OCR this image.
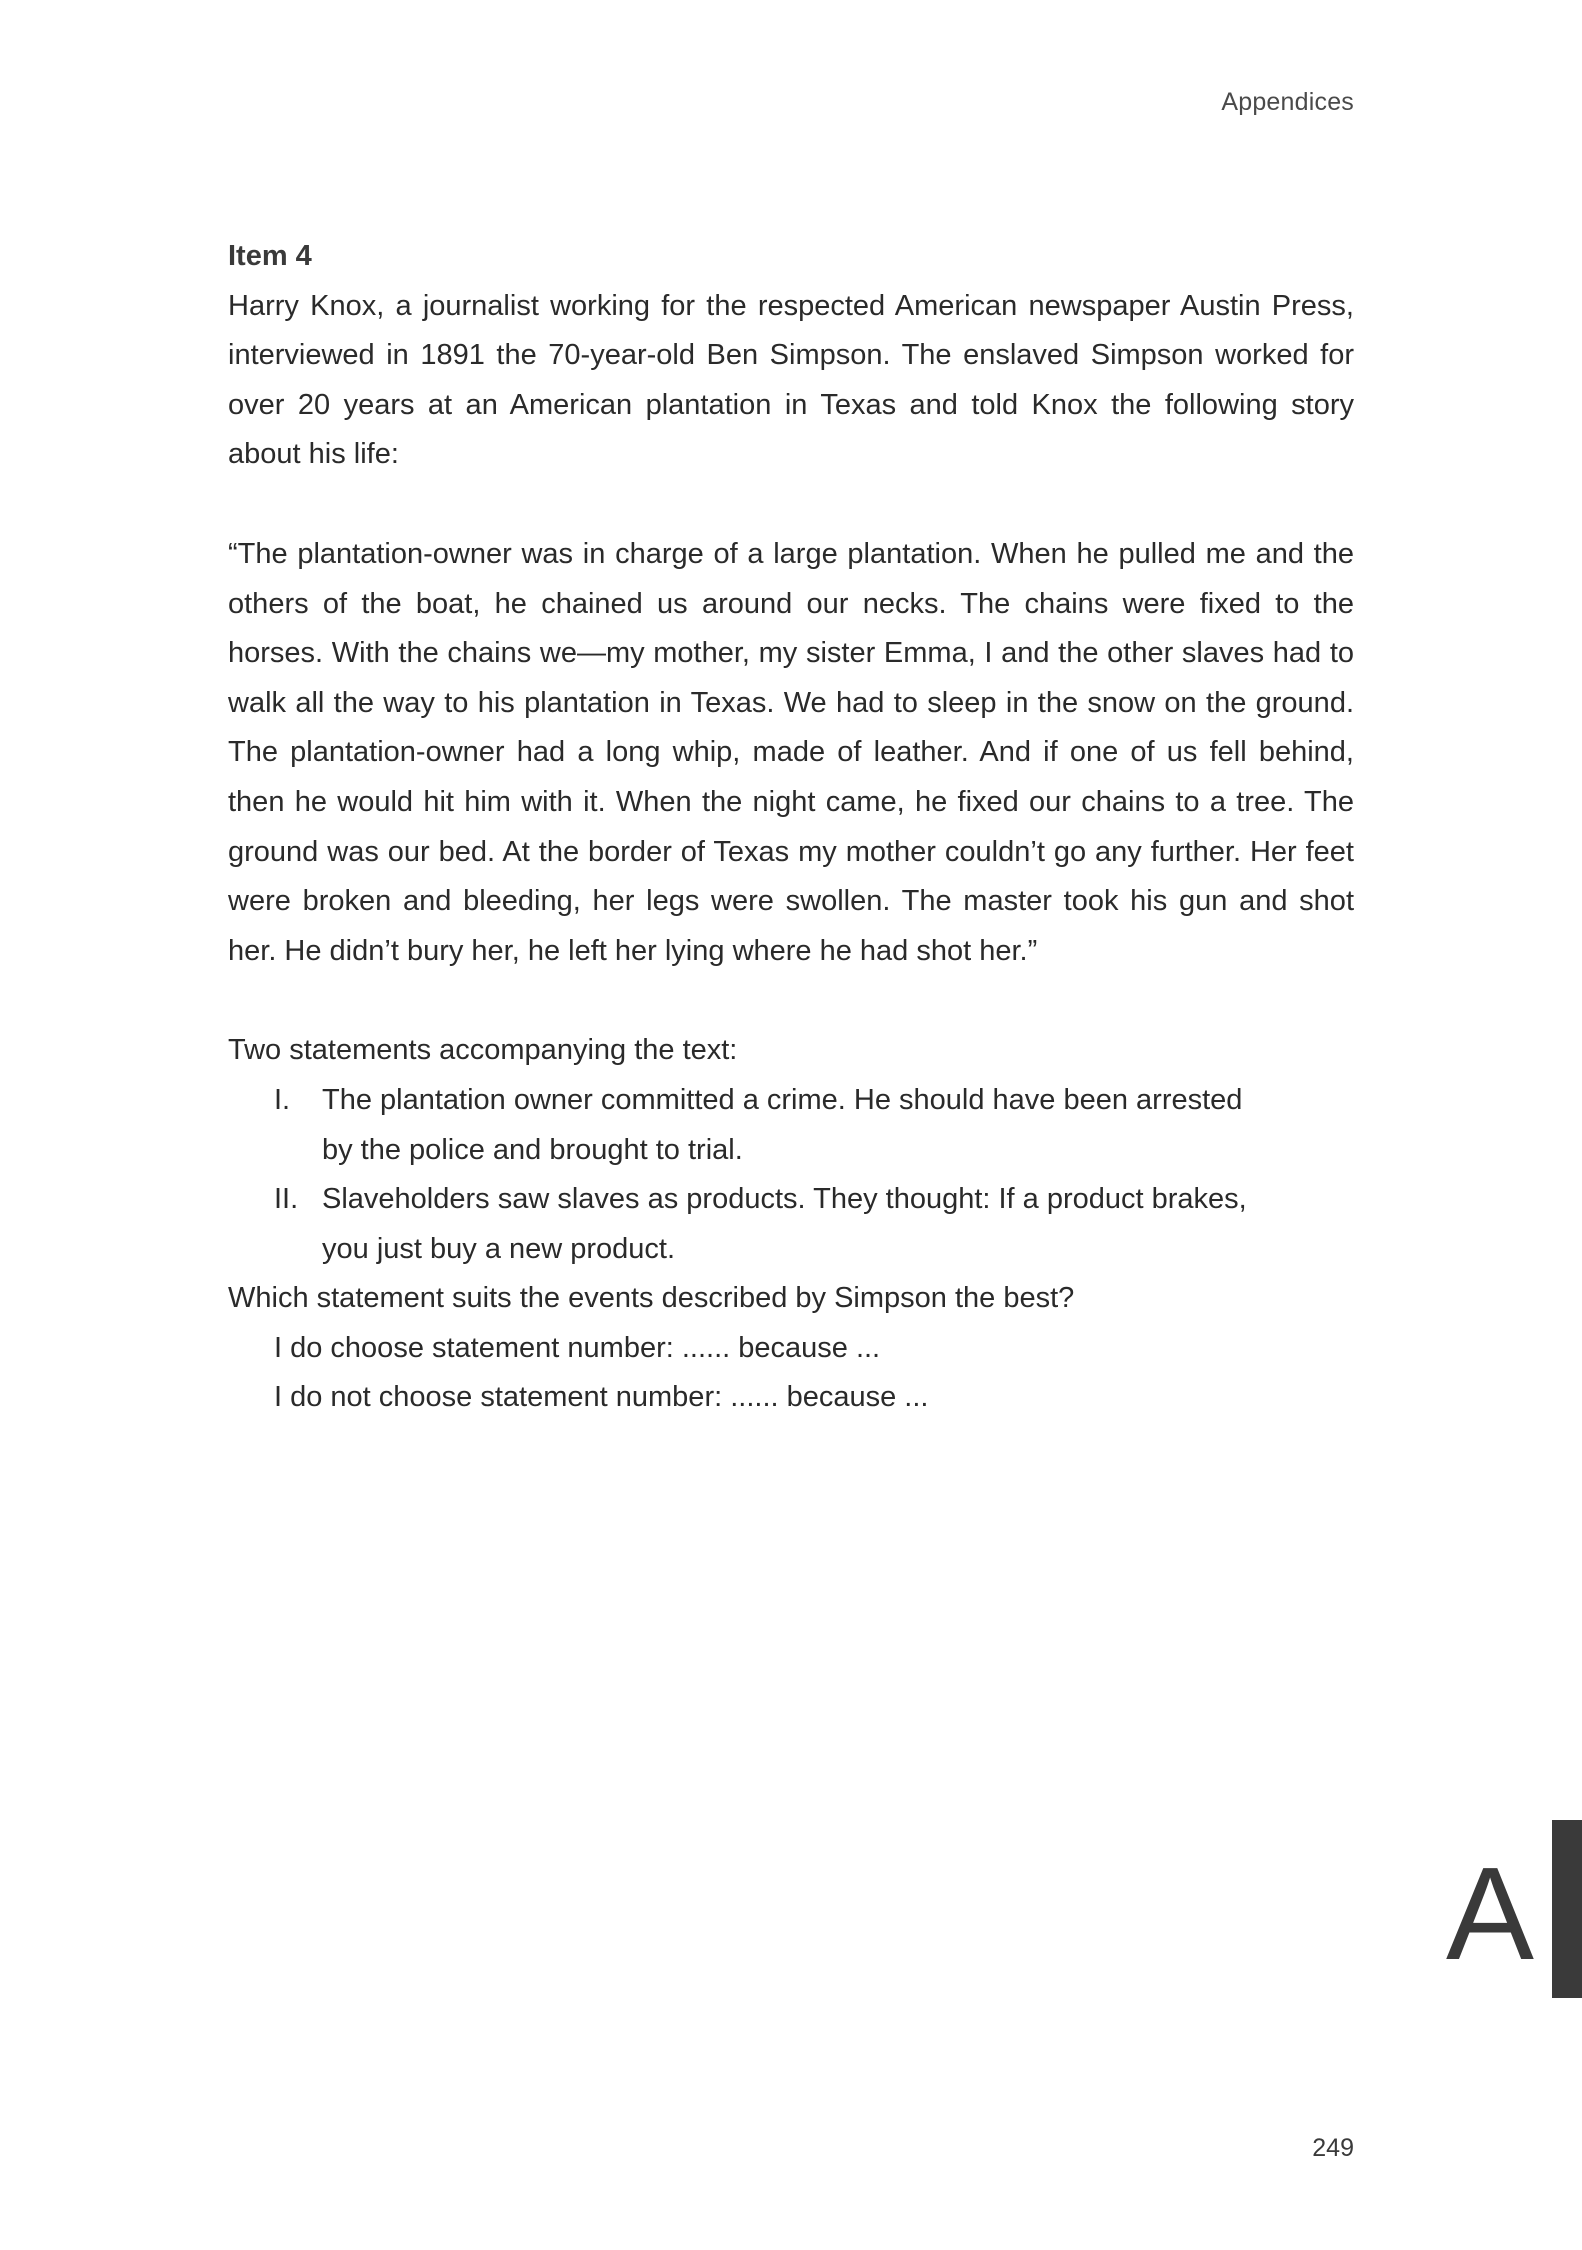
Appendices

Item 4

Harry Knox, a journalist working for the respected American newspaper Austin Press, interviewed in 1891 the 70-year-old Ben Simpson. The enslaved Simpson worked for over 20 years at an American plantation in Texas and told Knox the following story about his life:

“The plantation-owner was in charge of a large plantation. When he pulled me and the others of the boat, he chained us around our necks. The chains were fixed to the horses. With the chains we—my mother, my sister Emma, I and the other slaves had to walk all the way to his plantation in Texas. We had to sleep in the snow on the ground. The plantation-owner had a long whip, made of leather. And if one of us fell behind, then he would hit him with it. When the night came, he fixed our chains to a tree. The ground was our bed. At the border of Texas my mother couldn’t go any further. Her feet were broken and bleeding, her legs were swollen. The master took his gun and shot her. He didn’t bury her, he left her lying where he had shot her.”

Two statements accompanying the text:

I.	The plantation owner committed a crime. He should have been arrested by the police and brought to trial.
II. Slaveholders saw slaves as products. They thought: If a product brakes, you just buy a new product.

Which statement suits the events described by Simpson the best?

I do choose statement number: ...... because ...

I do not choose statement number: ...... because ...

A
249
